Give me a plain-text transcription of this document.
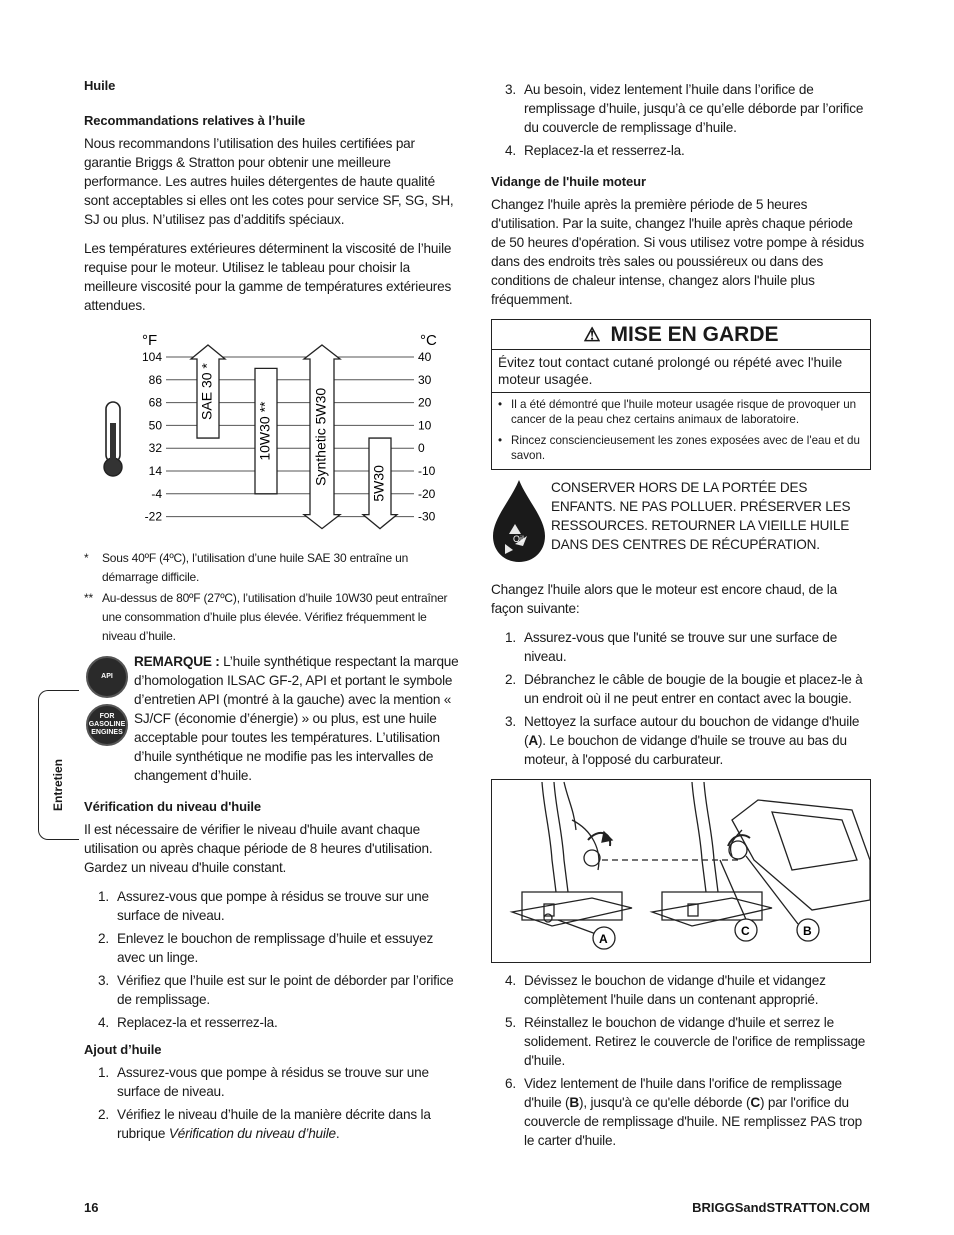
Huile
Recommandations relatives à l’huile

Nous recommandons l’utilisation des huiles certifiées par garantie Briggs & Stratton pour obtenir une meilleure performance. Les autres huiles détergentes de haute qualité sont acceptables si elles ont les cotes pour service SF, SG, SH, SJ ou plus. N’utilisez pas d’additifs spéciaux.

Les températures extérieures déterminent la viscosité de l’huile requise pour le moteur. Utilisez le tableau pour choisir la meilleure viscosité pour la gamme de températures extérieures attendues.

°F	°C
104
86
68
50
32
14
-4
-22
40
30
20
10
0
-10
-20
-30
SAE 30 *
10W30 **	Synthetic 5W30	5W30
* Sous 40ºF (4ºC), l’utilisation d’une huile SAE 30 entraîne un démarrage difficile.
** Au-dessus de 80ºF (27ºC), l’utilisation d’huile 10W30 peut entraîner une consommation d’huile plus élevée. Vérifiez fréquemment le niveau d’huile.
API
FOR GASOLINE ENGINES

REMARQUE : L’huile synthétique respectant la marque d’homologation ILSAC GF-2, API et portant le symbole d’entretien API (montré à la gauche) avec la mention « SJ/CF (économie d’énergie) » ou plus, est une huile acceptable pour toutes les températures. L’utilisation d’huile synthétique ne modifie pas les intervalles de changement d’huile.

Vérification du niveau d'huile

Il est nécessaire de vérifier le niveau d'huile avant chaque utilisation ou après chaque période de 8 heures d'utilisation. Gardez un niveau d'huile constant.

1. Assurez-vous que pompe à résidus se trouve sur une surface de niveau.
2. Enlevez le bouchon de remplissage d’huile et essuyez avec un linge.
3. Vérifiez que l’huile est sur le point de déborder par l’orifice de remplissage.
4. Replacez-la et resserrez-la.
Ajout d’huile
1. Assurez-vous que pompe à résidus se trouve sur une surface de niveau.
2. Vérifiez le niveau d’huile de la manière décrite dans la rubrique Vérification du niveau d’huile.
3. Au besoin, videz lentement l’huile dans l’orifice de remplissage d’huile, jusqu’à ce qu’elle déborde par l’orifice du couvercle de remplissage d’huile.
4. Replacez-la et resserrez-la.
Vidange de l'huile moteur

Changez l'huile après la première période de 5 heures d'utilisation. Par la suite, changez l'huile après chaque période de 50 heures d'opération. Si vous utilisez votre pompe à résidus dans des endroits très sales ou poussiéreux ou dans des conditions de chaleur intense, changez alors l'huile plus fréquemment.

⚠ MISE EN GARDE
Évitez tout contact cutané prolongé ou répété avec l'huile moteur usagée.
• Il a été démontré que l'huile moteur usagée risque de provoquer un cancer de la peau chez certains animaux de laboratoire.
• Rincez consciencieusement les zones exposées avec de l'eau et du savon.
Oil

CONSERVER HORS DE LA PORTÉE DES ENFANTS. NE PAS POLLUER. PRÉSERVER LES RESSOURCES. RETOURNER LA VIEILLE HUILE DANS DES CENTRES DE RÉCUPÉRATION.

Changez l'huile alors que le moteur est encore chaud, de la façon suivante:

1. Assurez-vous que l'unité se trouve sur une surface de niveau.
2. Débranchez le câble de bougie de la bougie et placez-le à un endroit où il ne peut entrer en contact avec la bougie.
3. Nettoyez la surface autour du bouchon de vidange d'huile (A). Le bouchon de vidange d'huile se trouve au bas du moteur, à l'opposé du carburateur.
A
C	B
4. Dévissez le bouchon de vidange d'huile et vidangez complètement l'huile dans un contenant approprié.
5. Réinstallez le bouchon de vidange d'huile et serrez le solidement. Retirez le couvercle de l'orifice de remplissage d'huile.
6. Videz lentement de l'huile dans l'orifice de remplissage d'huile (B), jusqu'à ce qu'elle déborde (C) par l'orifice du couvercle de remplissage d'huile. NE remplissez PAS trop le carter d'huile.
Entretien
16	BRIGGSandSTRATTON.COM
